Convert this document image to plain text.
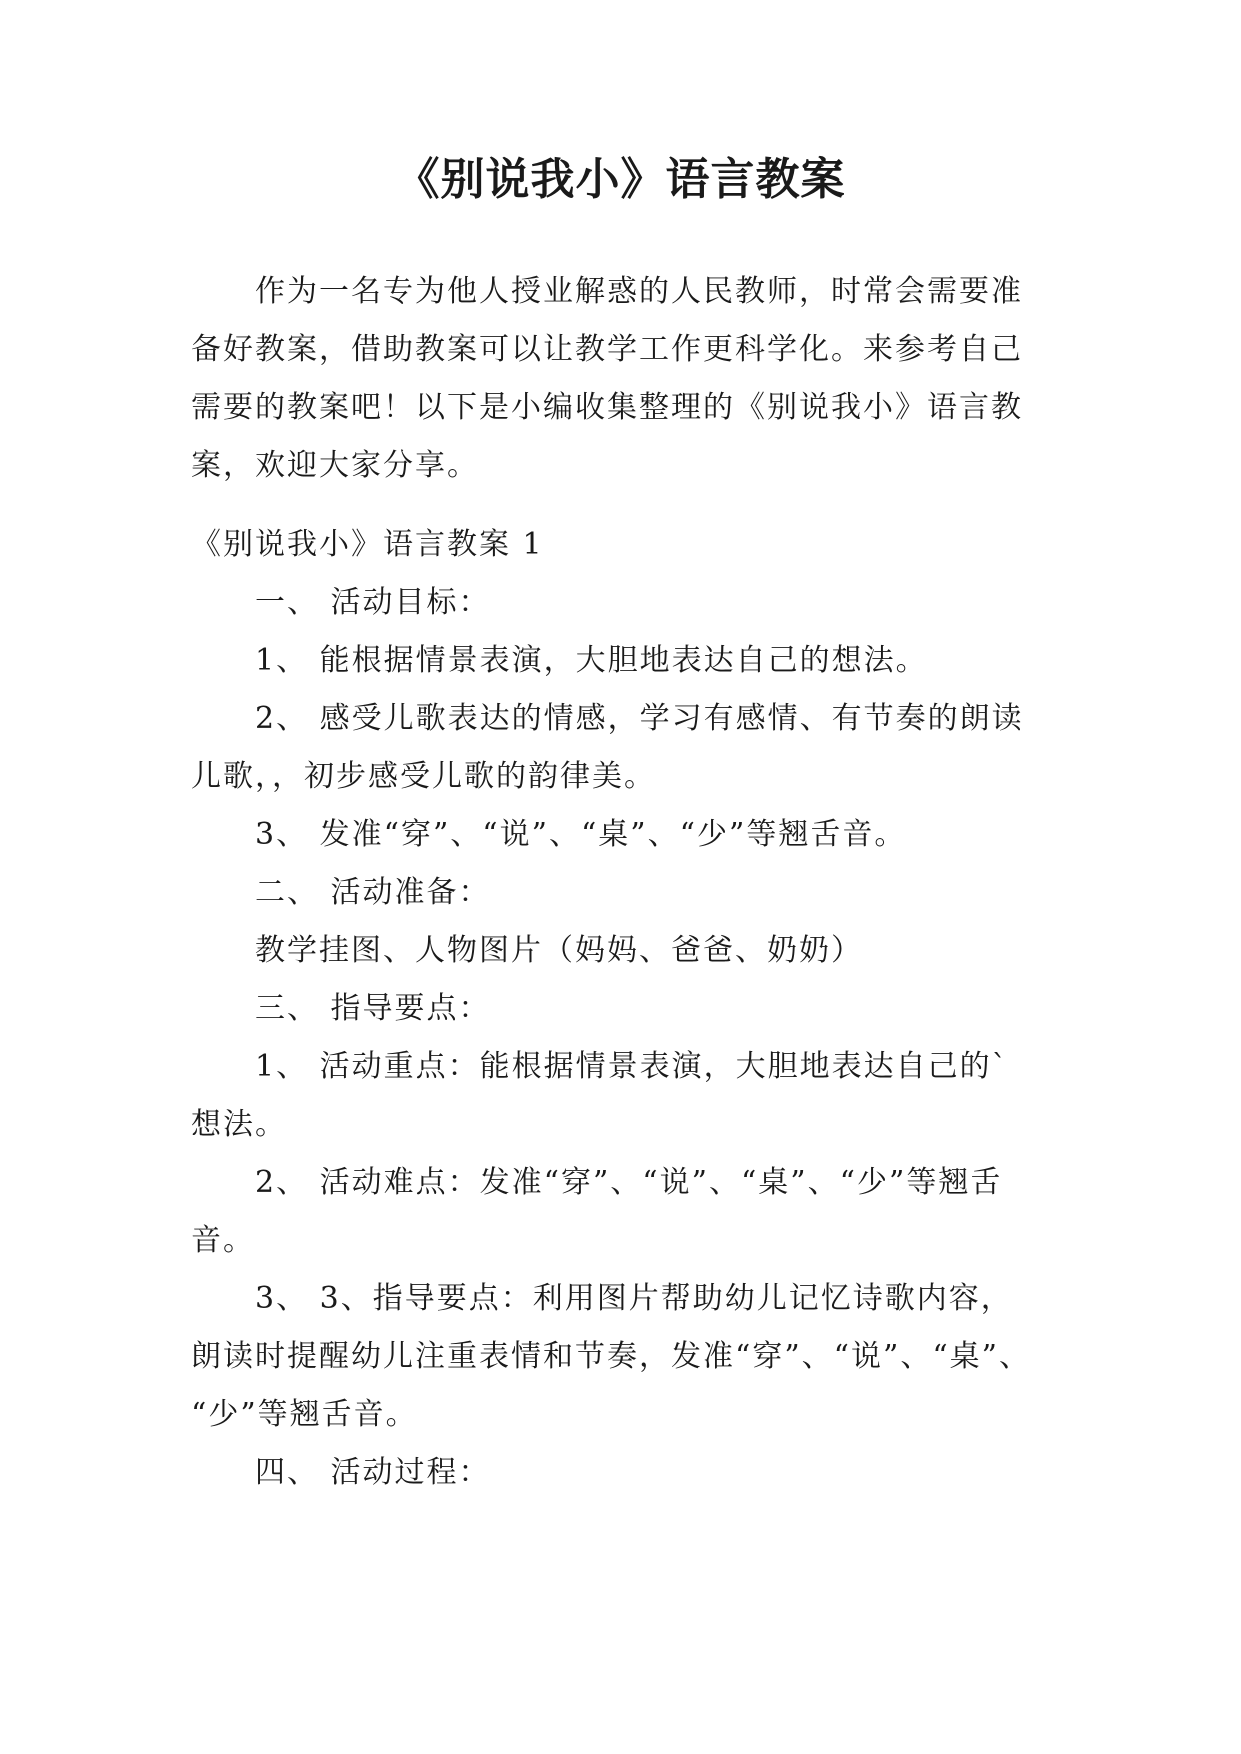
《别说我小》语言教案
作为一名专为他人授业解惑的人民教师，时常会需要准
备好教案，借助教案可以让教学工作更科学化。来参考自己
需要的教案吧！以下是小编收集整理的《别说我小》语言教
案，欢迎大家分享。
《别说我小》语言教案 1
一、 活动目标：
1、 能根据情景表演，大胆地表达自己的想法。
2、 感受儿歌表达的情感，学习有感情、有节奏的朗读
儿歌，，初步感受儿歌的韵律美。
3、 发准“穿”、“说”、“桌”、“少”等翘舌音。
二、 活动准备：
教学挂图、人物图片（妈妈、爸爸、奶奶）
三、 指导要点：
1、 活动重点：能根据情景表演，大胆地表达自己的`
想法。
2、 活动难点：发准“穿”、“说”、“桌”、“少”等翘舌
音。
3、 3、指导要点：利用图片帮助幼儿记忆诗歌内容，
朗读时提醒幼儿注重表情和节奏，发准“穿”、“说”、“桌”、
“少”等翘舌音。
四、 活动过程：
